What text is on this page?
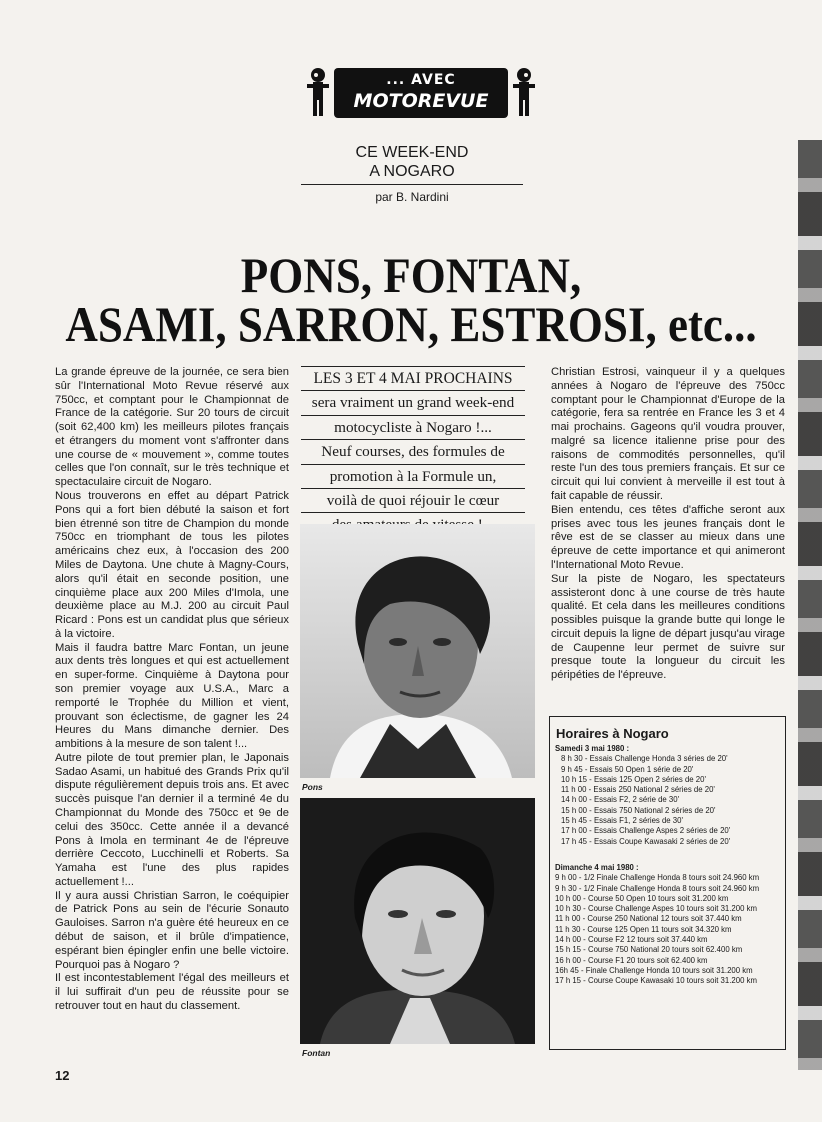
... AVEC
MOTOREVUE
CE WEEK-END
A NOGARO
par B. Nardini
PONS, FONTAN,
ASAMI, SARRON, ESTROSI, etc...

La grande épreuve de la journée, ce sera bien sûr l'International Moto Revue réservé aux 750cc, et comptant pour le Championnat de France de la catégorie. Sur 20 tours de circuit (soit 62,400 km) les meilleurs pilotes français et étrangers du moment vont s'affronter dans une course de « mouvement », comme toutes celles que l'on connaît, sur le très technique et spectaculaire circuit de Nogaro.

Nous trouverons en effet au départ Patrick Pons qui a fort bien débuté la saison et fort bien étrenné son titre de Champion du monde 750cc en triomphant de tous les pilotes américains chez eux, à l'occasion des 200 Miles de Daytona. Une chute à Magny-Cours, alors qu'il était en seconde position, une cinquième place aux 200 Miles d'Imola, une deuxième place au M.J. 200 au circuit Paul Ricard : Pons est un candidat plus que sérieux à la victoire.

Mais il faudra battre Marc Fontan, un jeune aux dents très longues et qui est actuellement en super-forme. Cinquième à Daytona pour son premier voyage aux U.S.A., Marc a remporté le Trophée du Million et vient, prouvant son éclectisme, de gagner les 24 Heures du Mans dimanche dernier. Des ambitions à la mesure de son talent !...

Autre pilote de tout premier plan, le Japonais Sadao Asami, un habitué des Grands Prix qu'il dispute régulièrement depuis trois ans. Et avec succès puisque l'an dernier il a terminé 4e du Championnat du Monde des 750cc et 9e de celui des 350cc. Cette année il a devancé Pons à Imola en terminant 4e de l'épreuve derrière Ceccoto, Lucchinelli et Roberts. Sa Yamaha est l'une des plus rapides actuellement !...

Il y aura aussi Christian Sarron, le coéquipier de Patrick Pons au sein de l'écurie Sonauto Gauloises. Sarron n'a guère été heureux en ce début de saison, et il brûle d'impatience, espérant bien épingler enfin une belle victoire. Pourquoi pas à Nogaro ?

Il est incontestablement l'égal des meilleurs et il lui suffirait d'un peu de réussite pour se retrouver tout en haut du classement.

LES 3 ET 4 MAI PROCHAINS
sera vraiment un grand week-end
motocycliste à Nogaro !...
Neuf courses, des formules de
promotion à la Formule un,
voilà de quoi réjouir le cœur
Pons
Fontan

Christian Estrosi, vainqueur il y a quelques années à Nogaro de l'épreuve des 750cc comptant pour le Championnat d'Europe de la catégorie, fera sa rentrée en France les 3 et 4 mai prochains. Gageons qu'il voudra prouver, malgré sa licence italienne prise pour des raisons de commodités personnelles, qu'il reste l'un des tous premiers français. Et sur ce circuit qui lui convient à merveille il est tout à fait capable de réussir.

Bien entendu, ces têtes d'affiche seront aux prises avec tous les jeunes français dont le rêve est de se classer au mieux dans une épreuve de cette importance et qui animeront l'International Moto Revue.

Sur la piste de Nogaro, les spectateurs assisteront donc à une course de très haute qualité. Et cela dans les meilleures conditions possibles puisque la grande butte qui longe le circuit depuis la ligne de départ jusqu'au virage de Caupenne leur permet de suivre sur presque toute la longueur du circuit les péripéties de l'épreuve.

Horaires à Nogaro
Samedi 3 mai 1980 :
8 h 30 - Essais Challenge Honda 3 séries de 20'
9 h 45 - Essais 50 Open 1 série de 20'
10 h 15 - Essais 125 Open 2 séries de 20'
11 h 00 - Essais 250 National 2 séries de 20'
14 h 00 - Essais F2, 2 série de 30'
15 h 00 - Essais 750 National 2 séries de 20'
15 h 45 - Essais F1, 2 séries de 30'
17 h 00 - Essais Challenge Aspes 2 séries de 20'
17 h 45 - Essais Coupe Kawasaki 2 séries de 20'
Dimanche 4 mai 1980 :
9 h 00 - 1/2 Finale Challenge Honda 8 tours soit 24.960 km
9 h 30 - 1/2 Finale Challenge Honda 8 tours soit 24.960 km
10 h 00 - Course 50 Open 10 tours soit 31.200 km
10 h 30 - Course Challenge Aspes 10 tours soit 31.200 km
11 h 00 - Course 250 National 12 tours soit 37.440 km
11 h 30 - Course 125 Open 11 tours soit 34.320 km
14 h 00 - Course F2 12 tours soit 37.440 km
15 h 15 - Course 750 National 20 tours soit 62.400 km
16 h 00 - Course F1 20 tours soit 62.400 km
16h 45 - Finale Challenge Honda 10 tours soit 31.200 km
17 h 15 - Course Coupe Kawasaki 10 tours soit 31.200 km
12
